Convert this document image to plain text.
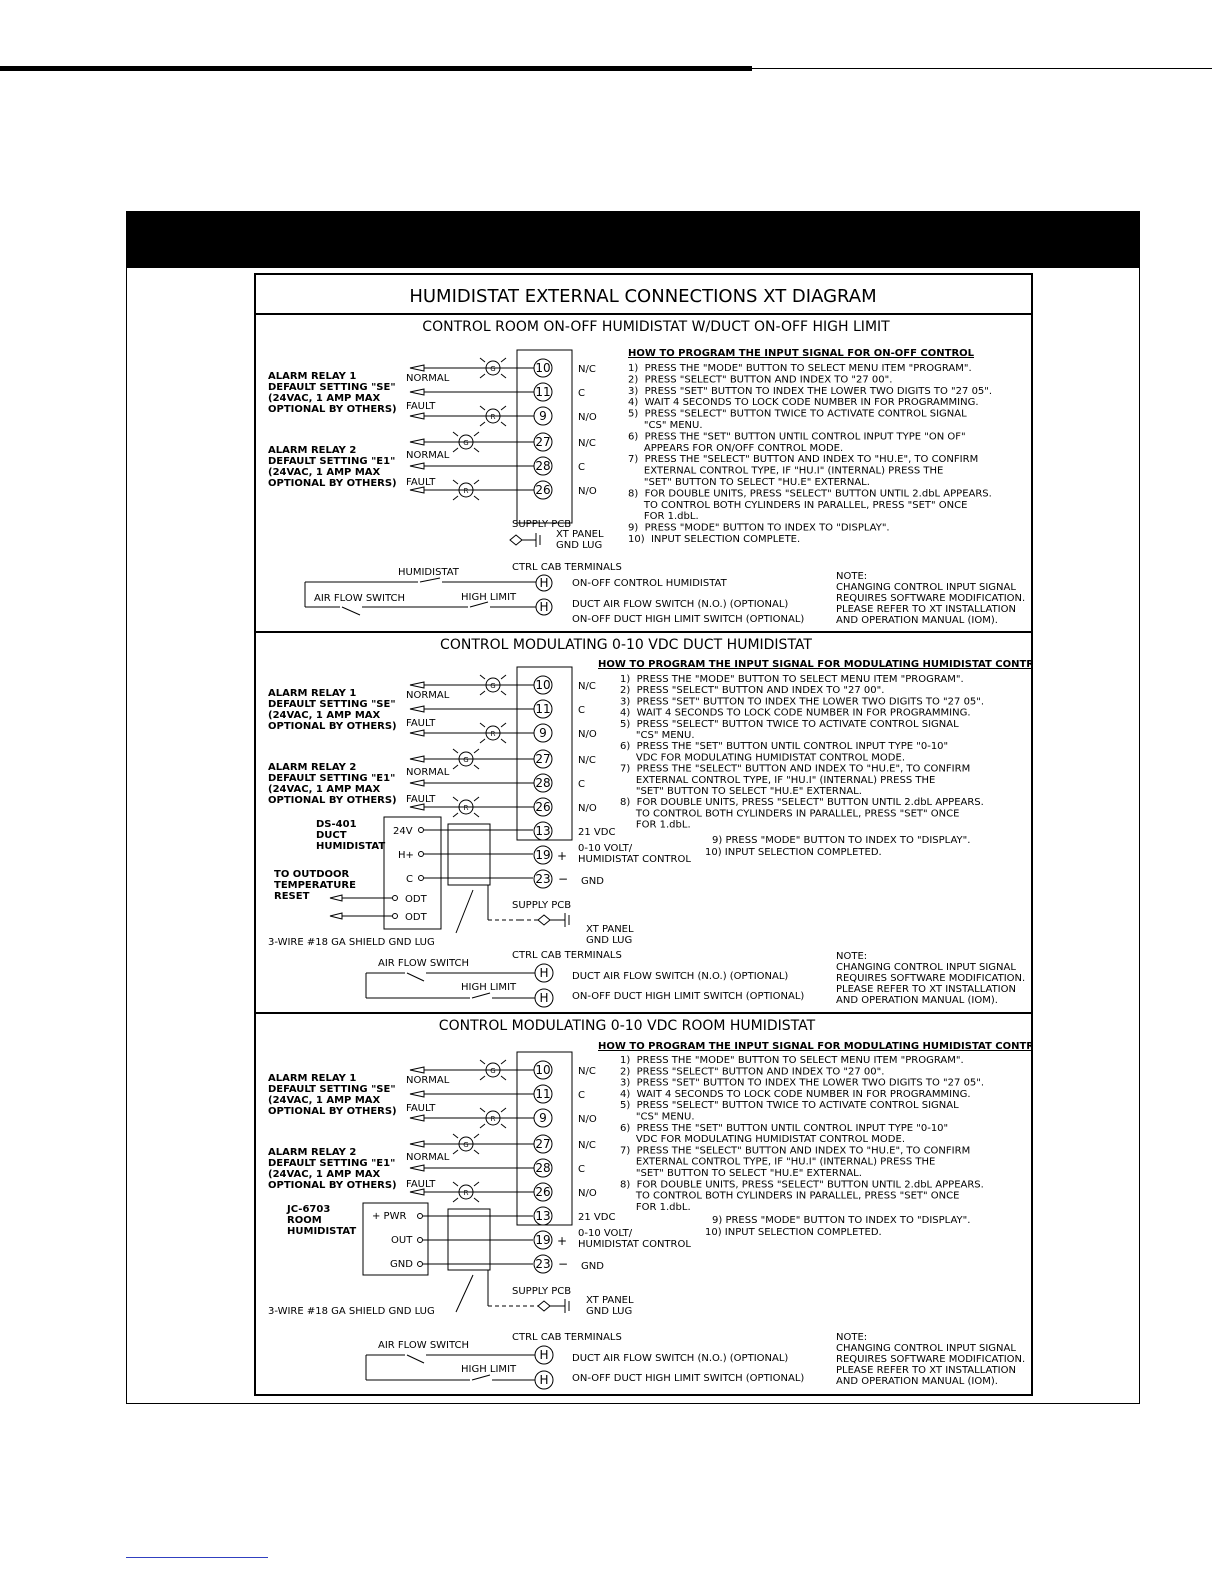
HUMIDISTAT EXTERNAL CONNECTIONS XT DIAGRAM
CONTROL ROOM ON-OFF HUMIDISTAT W/DUCT ON-OFF HIGH LIMIT
10	N/C
11	C
9	N/O
27	N/C
28	C
26	N/O
G
R
G
R
NORMAL
FAULT
NORMAL
FAULT
ALARM RELAY 1
DEFAULT SETTING "SE"
(24VAC, 1 AMP MAX
OPTIONAL BY OTHERS)
ALARM RELAY 2
DEFAULT SETTING "E1"
(24VAC, 1 AMP MAX
OPTIONAL BY OTHERS)
HOW TO PROGRAM THE INPUT SIGNAL FOR ON-OFF CONTROL
1)  PRESS THE "MODE" BUTTON TO SELECT MENU ITEM "PROGRAM".
2)  PRESS "SELECT" BUTTON AND INDEX TO "27 00".
3)  PRESS "SET" BUTTON TO INDEX THE LOWER TWO DIGITS TO "27 05".
4)  WAIT 4 SECONDS TO LOCK CODE NUMBER IN FOR PROGRAMMING.
5)  PRESS "SELECT" BUTTON TWICE TO ACTIVATE CONTROL SIGNAL
"CS" MENU.
6)  PRESS THE "SET" BUTTON UNTIL CONTROL INPUT TYPE "ON OF"
APPEARS FOR ON/OFF CONTROL MODE.
7)  PRESS THE "SELECT" BUTTON AND INDEX TO "HU.E", TO CONFIRM
EXTERNAL CONTROL TYPE, IF "HU.I" (INTERNAL) PRESS THE
"SET" BUTTON TO SELECT "HU.E" EXTERNAL.
8)  FOR DOUBLE UNITS, PRESS "SELECT" BUTTON UNTIL 2.dbL APPEARS.
TO CONTROL BOTH CYLINDERS IN PARALLEL, PRESS "SET" ONCE
FOR 1.dbL.
9)  PRESS "MODE" BUTTON TO INDEX TO "DISPLAY".
10)  INPUT SELECTION COMPLETE.
SUPPLY PCB
XT PANEL
GND LUG
CTRL CAB TERMINALS
H
H
HUMIDISTAT
AIR FLOW SWITCH	HIGH LIMIT
ON-OFF CONTROL HUMIDISTAT
DUCT AIR FLOW SWITCH (N.O.) (OPTIONAL)
ON-OFF DUCT HIGH LIMIT SWITCH (OPTIONAL)
NOTE:
CHANGING CONTROL INPUT SIGNAL
REQUIRES SOFTWARE MODIFICATION.
PLEASE REFER TO XT INSTALLATION
AND OPERATION MANUAL (IOM).
CONTROL MODULATING 0-10 VDC DUCT HUMIDISTAT
HOW TO PROGRAM THE INPUT SIGNAL FOR MODULATING HUMIDISTAT CONTROL
10	N/C
11	C
9	N/O
27	N/C
28	C
26	N/O
G
R
G
R
NORMAL
FAULT
NORMAL
FAULT
ALARM RELAY 1
DEFAULT SETTING "SE"
(24VAC, 1 AMP MAX
OPTIONAL BY OTHERS)
ALARM RELAY 2
DEFAULT SETTING "E1"
(24VAC, 1 AMP MAX
OPTIONAL BY OTHERS)
1)  PRESS THE "MODE" BUTTON TO SELECT MENU ITEM "PROGRAM".
2)  PRESS "SELECT" BUTTON AND INDEX TO "27 00".
3)  PRESS "SET" BUTTON TO INDEX THE LOWER TWO DIGITS TO "27 05".
4)  WAIT 4 SECONDS TO LOCK CODE NUMBER IN FOR PROGRAMMING.
5)  PRESS "SELECT" BUTTON TWICE TO ACTIVATE CONTROL SIGNAL
"CS" MENU.
6)  PRESS THE "SET" BUTTON UNTIL CONTROL INPUT TYPE "0-10"
VDC FOR MODULATING HUMIDISTAT CONTROL MODE.
7)  PRESS THE "SELECT" BUTTON AND INDEX TO "HU.E", TO CONFIRM
EXTERNAL CONTROL TYPE, IF "HU.I" (INTERNAL) PRESS THE
"SET" BUTTON TO SELECT "HU.E" EXTERNAL.
8)  FOR DOUBLE UNITS, PRESS "SELECT" BUTTON UNTIL 2.dbL APPEARS.
TO CONTROL BOTH CYLINDERS IN PARALLEL, PRESS "SET" ONCE
FOR 1.dbL.
9) PRESS "MODE" BUTTON TO INDEX TO "DISPLAY".
10) INPUT SELECTION COMPLETED.
13
19
23
21 VDC
0-10 VOLT/
HUMIDISTAT CONTROL
GND
+
−
DS-401
DUCT
HUMIDISTAT
24V
H+
C
ODT
ODT
TO OUTDOOR
TEMPERATURE
RESET
3-WIRE #18 GA SHIELD GND LUG
SUPPLY PCB
XT PANEL
GND LUG
CTRL CAB TERMINALS
H
H
AIR FLOW SWITCH
HIGH LIMIT
DUCT AIR FLOW SWITCH (N.O.) (OPTIONAL)
ON-OFF DUCT HIGH LIMIT SWITCH (OPTIONAL)
NOTE:
CHANGING CONTROL INPUT SIGNAL
REQUIRES SOFTWARE MODIFICATION.
PLEASE REFER TO XT INSTALLATION
AND OPERATION MANUAL (IOM).
CONTROL MODULATING 0-10 VDC ROOM HUMIDISTAT
HOW TO PROGRAM THE INPUT SIGNAL FOR MODULATING HUMIDISTAT CONTROL
10	N/C
11	C
9	N/O
27	N/C
28	C
26	N/O
G
R
G
R
NORMAL
FAULT
NORMAL
FAULT
ALARM RELAY 1
DEFAULT SETTING "SE"
(24VAC, 1 AMP MAX
OPTIONAL BY OTHERS)
ALARM RELAY 2
DEFAULT SETTING "E1"
(24VAC, 1 AMP MAX
OPTIONAL BY OTHERS)
1)  PRESS THE "MODE" BUTTON TO SELECT MENU ITEM "PROGRAM".
2)  PRESS "SELECT" BUTTON AND INDEX TO "27 00".
3)  PRESS "SET" BUTTON TO INDEX THE LOWER TWO DIGITS TO "27 05".
4)  WAIT 4 SECONDS TO LOCK CODE NUMBER IN FOR PROGRAMMING.
5)  PRESS "SELECT" BUTTON TWICE TO ACTIVATE CONTROL SIGNAL
"CS" MENU.
6)  PRESS THE "SET" BUTTON UNTIL CONTROL INPUT TYPE "0-10"
VDC FOR MODULATING HUMIDISTAT CONTROL MODE.
7)  PRESS THE "SELECT" BUTTON AND INDEX TO "HU.E", TO CONFIRM
EXTERNAL CONTROL TYPE, IF "HU.I" (INTERNAL) PRESS THE
"SET" BUTTON TO SELECT "HU.E" EXTERNAL.
8)  FOR DOUBLE UNITS, PRESS "SELECT" BUTTON UNTIL 2.dbL APPEARS.
TO CONTROL BOTH CYLINDERS IN PARALLEL, PRESS "SET" ONCE
FOR 1.dbL.
9) PRESS "MODE" BUTTON TO INDEX TO "DISPLAY".
10) INPUT SELECTION COMPLETED.
13
19
23
21 VDC
0-10 VOLT/
HUMIDISTAT CONTROL
GND
+
−
JC-6703
ROOM
HUMIDISTAT
+ PWR
OUT
GND
3-WIRE #18 GA SHIELD GND LUG
SUPPLY PCB
XT PANEL
GND LUG
CTRL CAB TERMINALS
H
H
AIR FLOW SWITCH
HIGH LIMIT
DUCT AIR FLOW SWITCH (N.O.) (OPTIONAL)
ON-OFF DUCT HIGH LIMIT SWITCH (OPTIONAL)
NOTE:
CHANGING CONTROL INPUT SIGNAL
REQUIRES SOFTWARE MODIFICATION.
PLEASE REFER TO XT INSTALLATION
AND OPERATION MANUAL (IOM).
